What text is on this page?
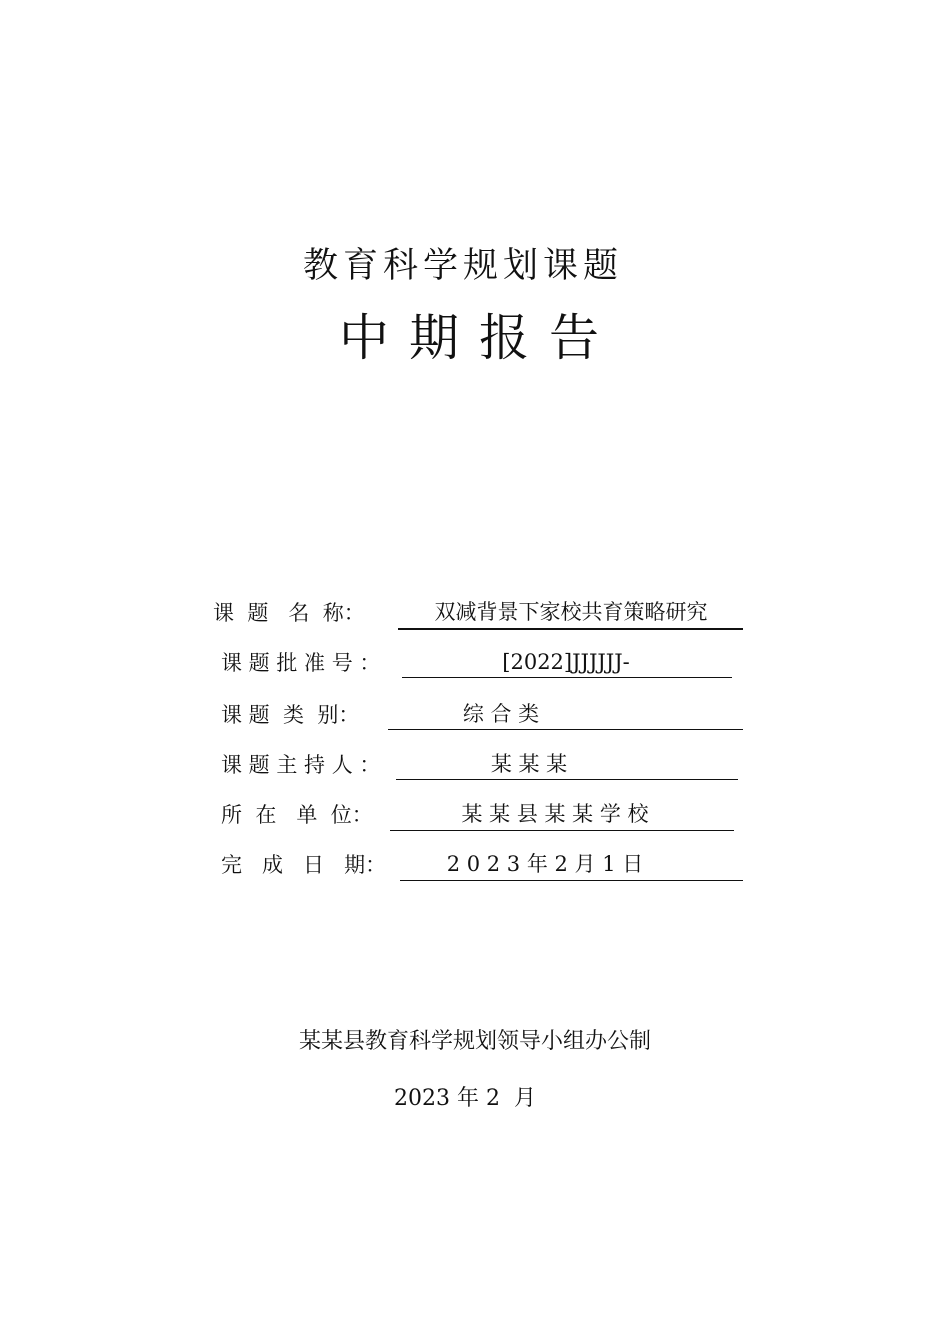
教育科学规划课题
中期报告
课  题   名  称：	双减背景下家校共育策略研究
课 题 批 准 号 ：	[2022]JJJJJJ-
课 题  类  别：	综 合 类
课 题 主 持 人 ：	某 某 某
所  在   单  位：	某 某 县 某 某 学 校
完   成   日   期：	2 0 2 3 年 2 月 1 日
某某县教育科学规划领导小组办公制
2023 年 2  月
